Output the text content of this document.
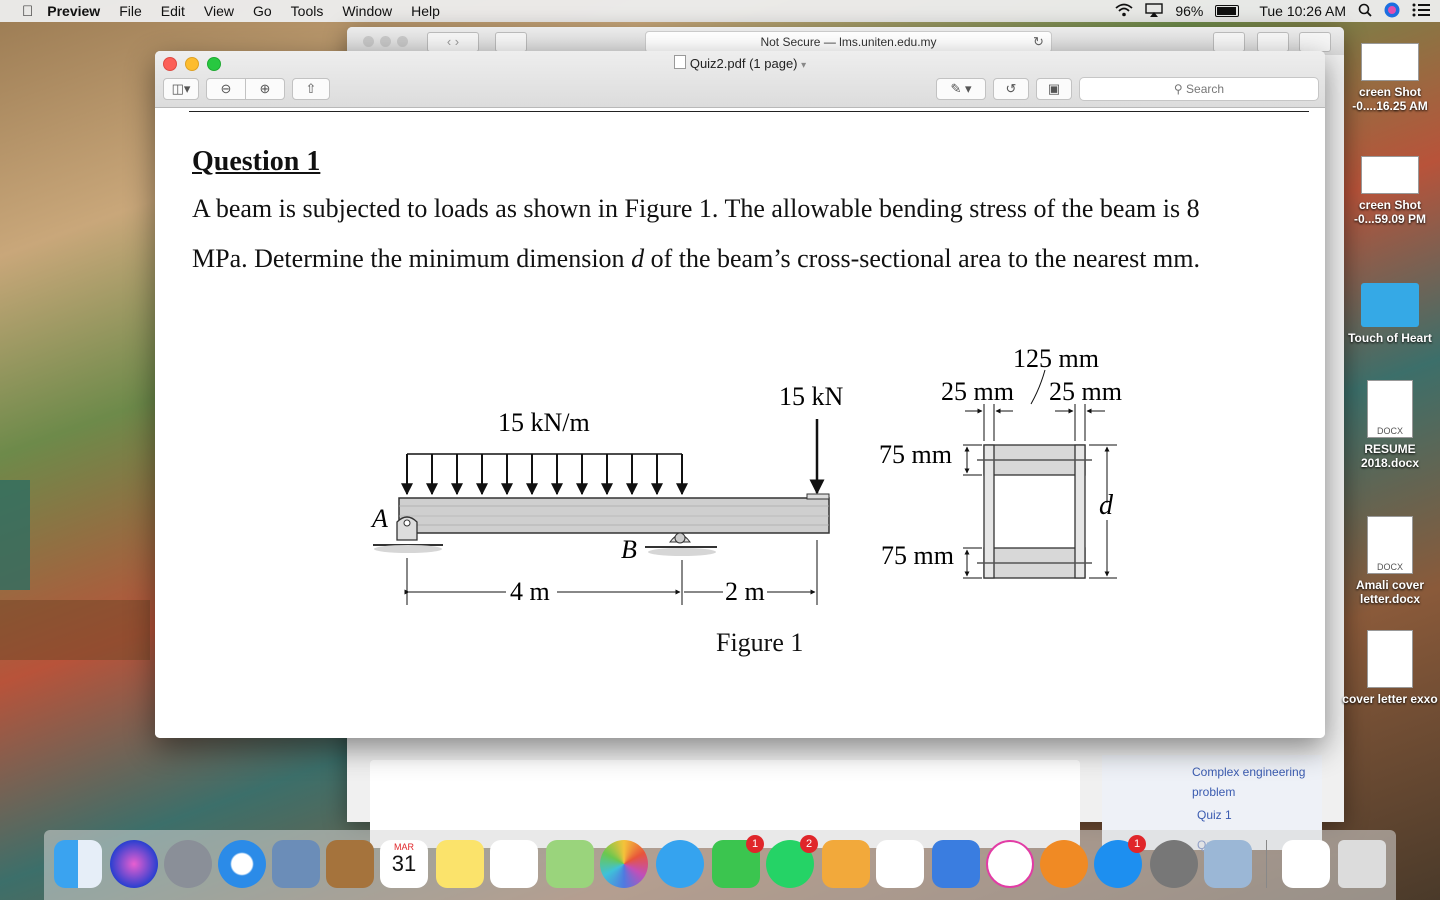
Preview File Edit View Go Tools Window Help	96%	Tue 10:26 AM
‹ ›	Not Secure — lms.uniten.edu.my	↻
Complex engineering
problem
Quiz 1
Quiz2.pdf (1 page) ▾
◫▾	⊖	⊕	⇧	✎ ▾	↺	▣	⚲ Search
Question 1
A beam is subjected to loads as shown in Figure 1. The allowable bending stress of the beam is 8
MPa. Determine the minimum dimension d of the beam’s cross-sectional area to the nearest mm.
15 kN/m
15 kN
A
B
4 m	2 m
125 mm
25 mm 25 mm
75 mm
75 mm
d
Figure 1
creen Shot
-0....16.25 AM
creen Shot
-0...59.09 PM
Touch of Heart
DOCX
RESUME
2018.docx
DOCX
Amali cover
letter.docx
cover letter exxo
MAR
31
1	2	1
